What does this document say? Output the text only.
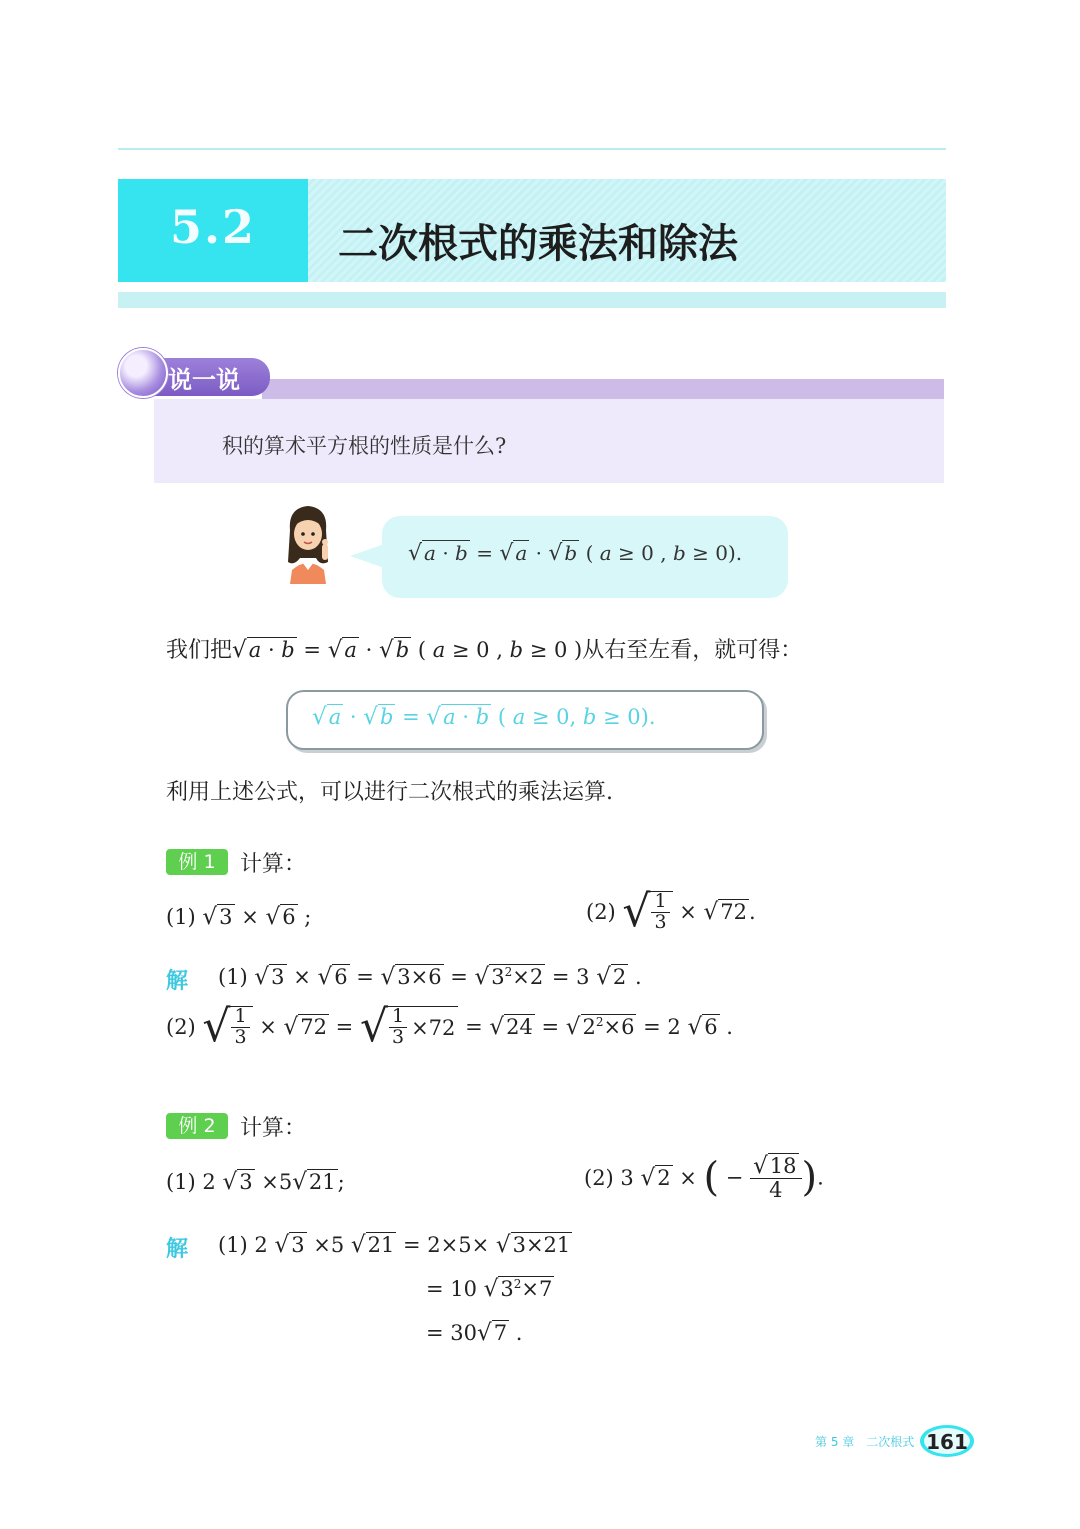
5.2	二次根式的乘法和除法
说一说
积的算术平方根的性质是什么?
√ a · b = √ a · √ b ( a ≥ 0 , b ≥ 0).
我们把√a · b = √a · √b ( a ≥ 0 , b ≥ 0 )从右至左看，就可得：
√a · √b = √a · b ( a ≥ 0, b ≥ 0).
利用上述公式，可以进行二次根式的乘法运算.
例 1	计算：
(1) √3 × √6 ;	(2) √ $\frac{1}{3} \times √72$.
解 (1) $√3 \times √6 = √3\times 6 = √3^2\times 2 = 3$ √2 .
(2) √ $\frac{1}{3} \times √72$ = √ $\frac{1}{3} \times 72 = √24 = √2^2\times 6 = 2$ √6 .
例 2	计算：
(1) 2 √3 ×5√21;	(2) 3 √2 × ( − $\frac{√18}{4}$ ).
解 (1) 2 √3 ×5 √21 = 2×5× √3×21
= 10 $√3^2\times 7$
= 30√7 .
第 5 章　二次根式 161
